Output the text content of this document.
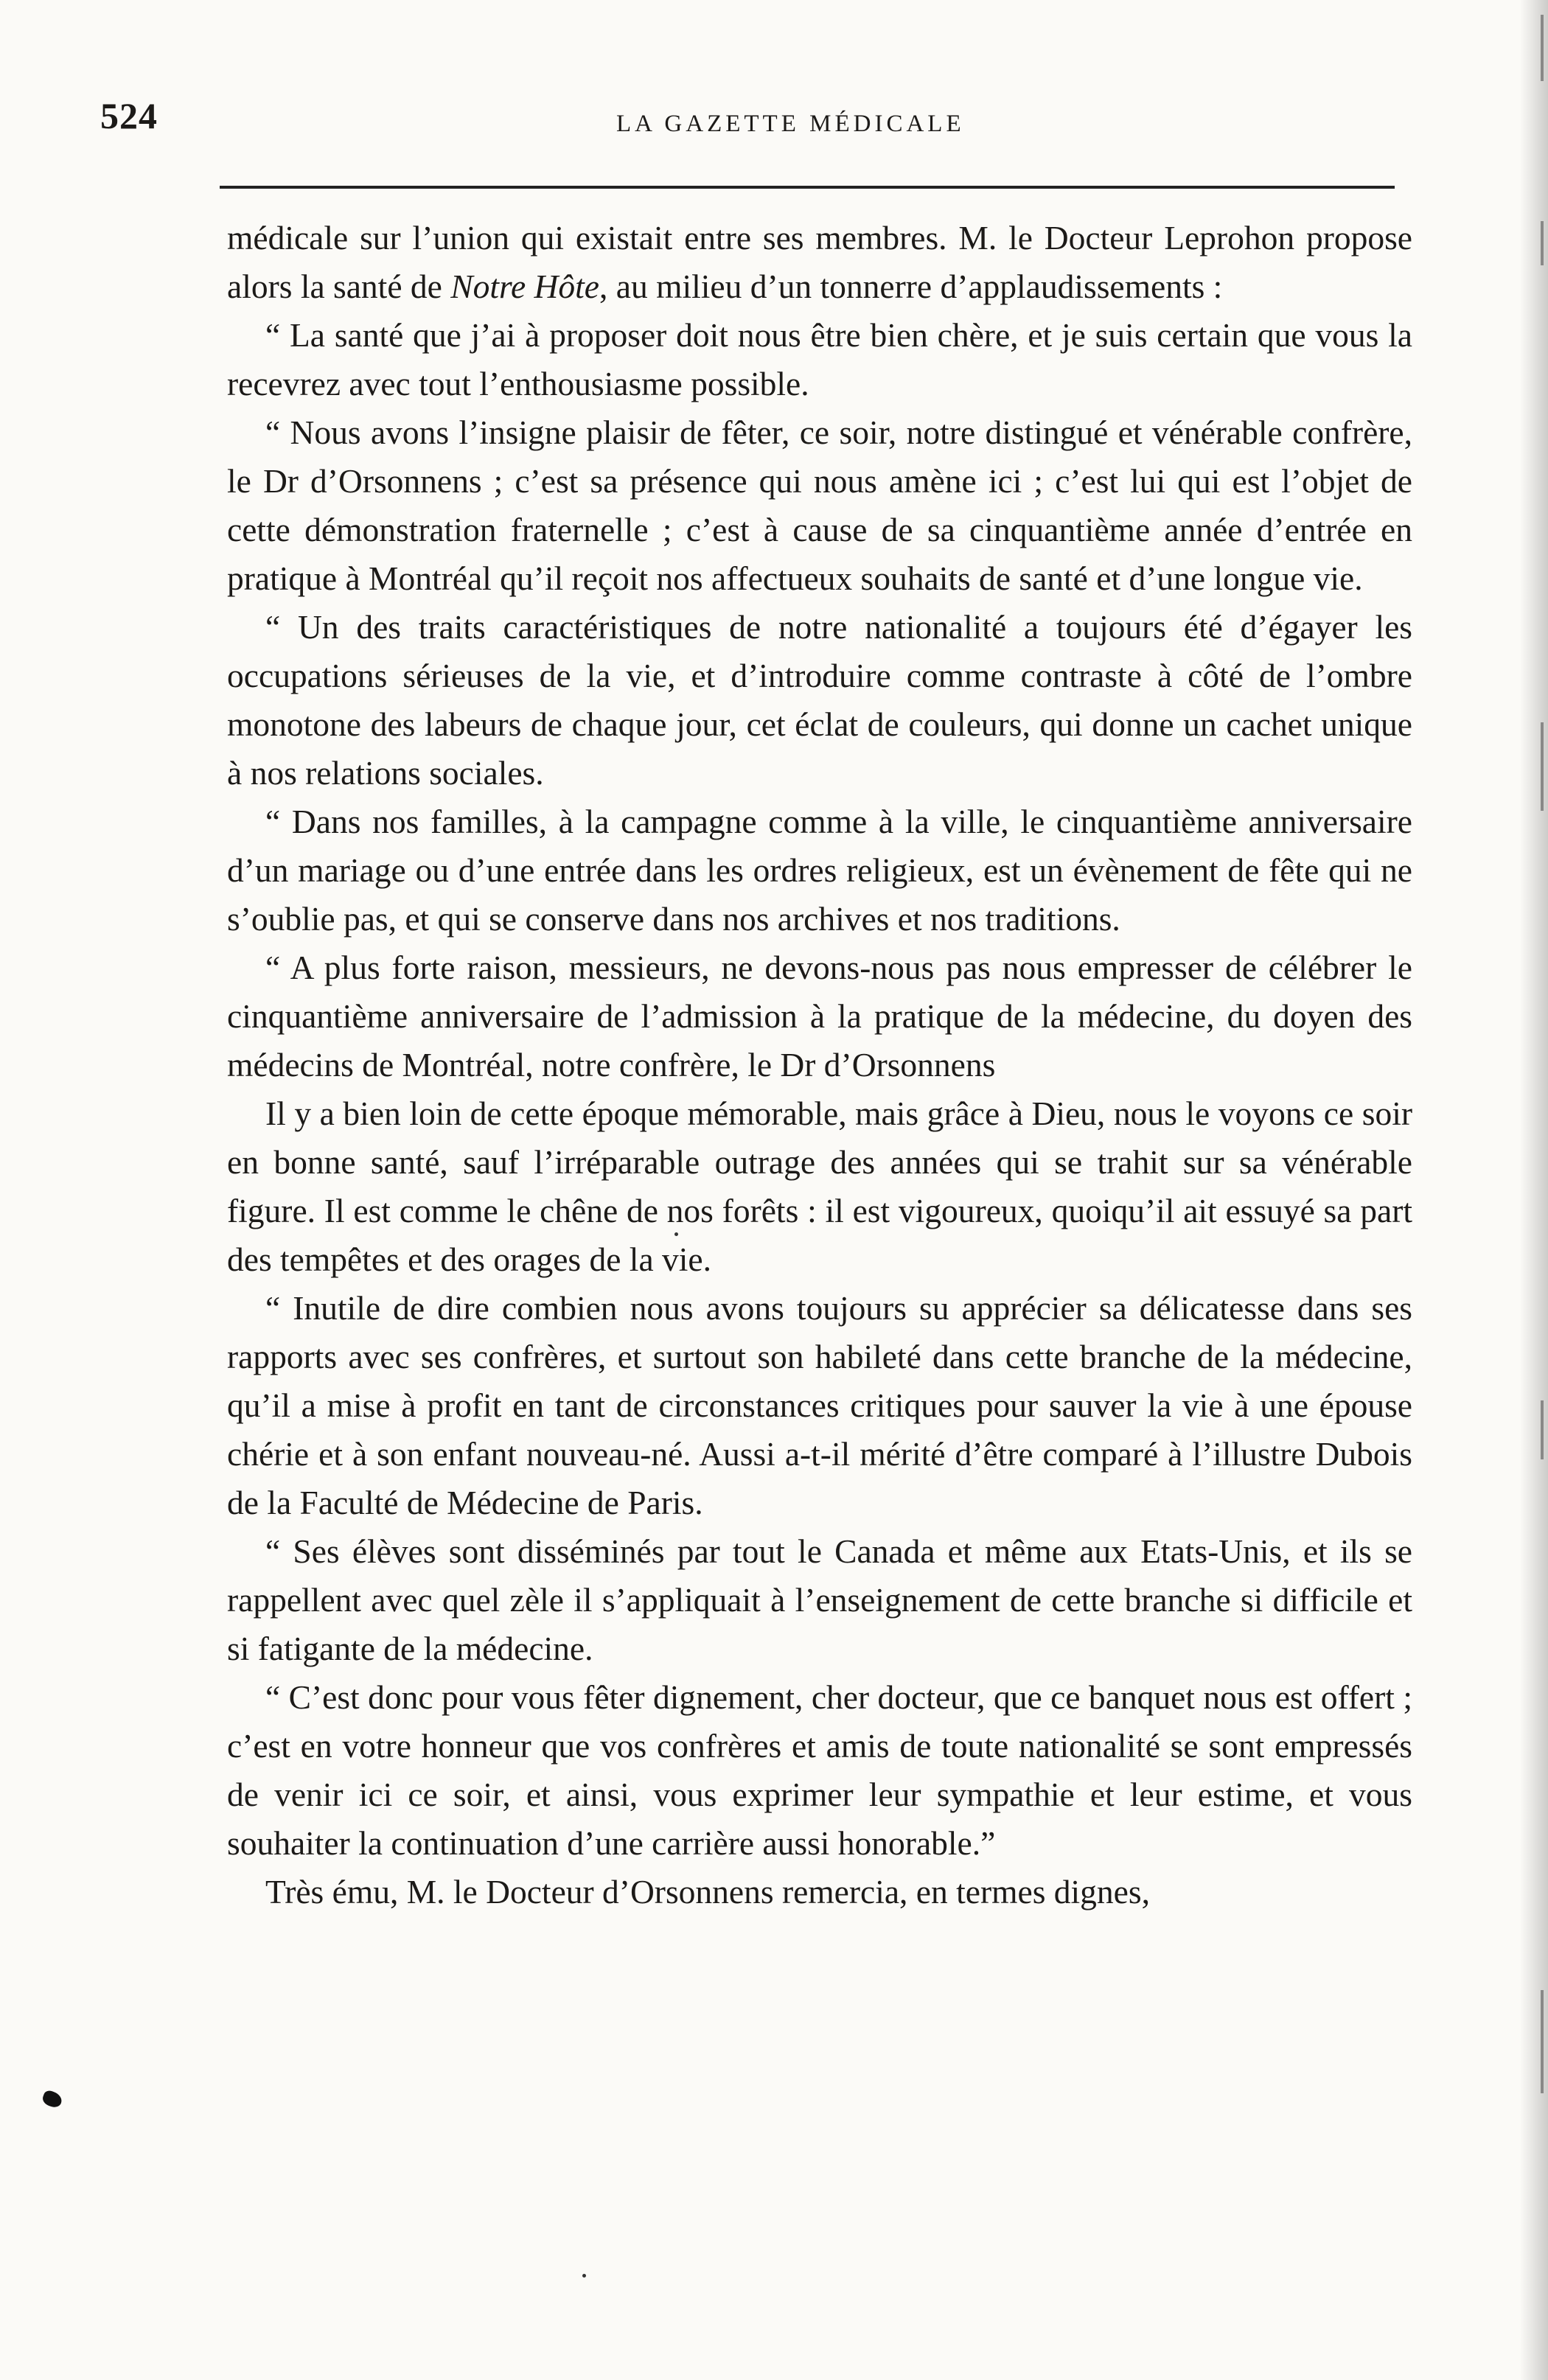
524	LA GAZETTE MÉDICALE

médicale sur l’union qui existait entre ses membres. M. le Docteur Leprohon propose alors la santé de Notre Hôte, au milieu d’un tonnerre d’applaudissements :

“ La santé que j’ai à proposer doit nous être bien chère, et je suis certain que vous la recevrez avec tout l’enthousiasme possible.

“ Nous avons l’insigne plaisir de fêter, ce soir, notre distingué et vénérable confrère, le Dr d’Orsonnens ; c’est sa présence qui nous amène ici ; c’est lui qui est l’objet de cette démonstration fraternelle ; c’est à cause de sa cinquantième année d’entrée en pratique à Montréal qu’il reçoit nos affectueux souhaits de santé et d’une longue vie.

“ Un des traits caractéristiques de notre nationalité a toujours été d’égayer les occupations sérieuses de la vie, et d’introduire comme contraste à côté de l’ombre monotone des labeurs de chaque jour, cet éclat de couleurs, qui donne un cachet unique à nos relations sociales.

“ Dans nos familles, à la campagne comme à la ville, le cinquantième anniversaire d’un mariage ou d’une entrée dans les ordres religieux, est un évènement de fête qui ne s’oublie pas, et qui se conserve dans nos archives et nos traditions.

“ A plus forte raison, messieurs, ne devons-nous pas nous empresser de célébrer le cinquantième anniversaire de l’admission à la pratique de la médecine, du doyen des médecins de Montréal, notre confrère, le Dr d’Orsonnens

Il y a bien loin de cette époque mémorable, mais grâce à Dieu, nous le voyons ce soir en bonne santé, sauf l’irréparable outrage des années qui se trahit sur sa vénérable figure. Il est comme le chêne de nos forêts : il est vigoureux, quoiqu’il ait essuyé sa part des tempêtes et des orages de la vie.

“ Inutile de dire combien nous avons toujours su apprécier sa délicatesse dans ses rapports avec ses confrères, et surtout son habileté dans cette branche de la médecine, qu’il a mise à profit en tant de circonstances critiques pour sauver la vie à une épouse chérie et à son enfant nouveau-né. Aussi a-t-il mérité d’être comparé à l’illustre Dubois de la Faculté de Médecine de Paris.

“ Ses élèves sont disséminés par tout le Canada et même aux Etats-Unis, et ils se rappellent avec quel zèle il s’appliquait à l’enseignement de cette branche si difficile et si fatigante de la médecine.

“ C’est donc pour vous fêter dignement, cher docteur, que ce banquet nous est offert ; c’est en votre honneur que vos confrères et amis de toute nationalité se sont empressés de venir ici ce soir, et ainsi, vous exprimer leur sympathie et leur estime, et vous souhaiter la continuation d’une carrière aussi honorable.”

Très ému, M. le Docteur d’Orsonnens remercia, en termes dignes,
